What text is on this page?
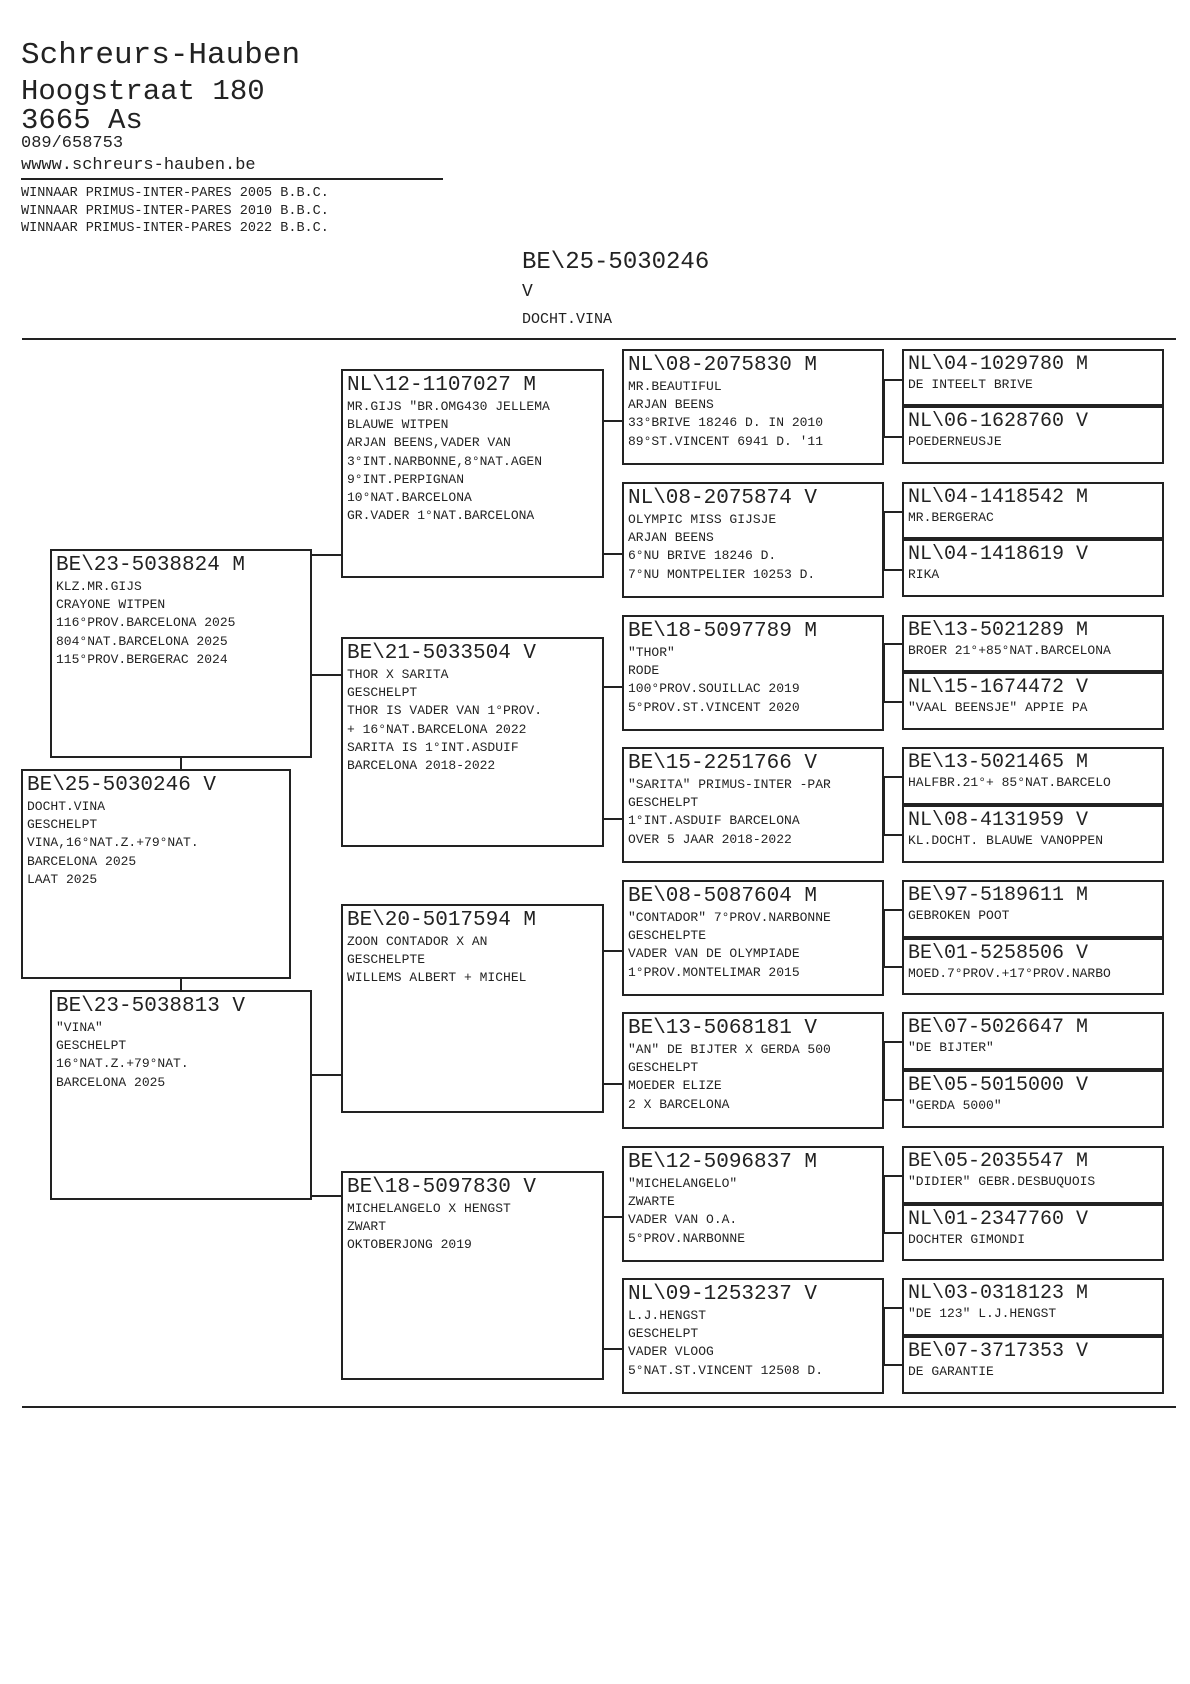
Schreurs-Hauben
Hoogstraat 180
3665 As
089/658753
wwww.schreurs-hauben.be
WINNAAR PRIMUS-INTER-PARES 2005 B.B.C.
WINNAAR PRIMUS-INTER-PARES 2010 B.B.C.
WINNAAR PRIMUS-INTER-PARES 2022 B.B.C.
BE\25-5030246
V
DOCHT.VINA
BE\23-5038824 M
KLZ.MR.GIJS
CRAYONE WITPEN
116°PROV.BARCELONA 2025
804°NAT.BARCELONA 2025
115°PROV.BERGERAC 2024
BE\25-5030246 V
DOCHT.VINA
GESCHELPT
VINA,16°NAT.Z.+79°NAT.
BARCELONA 2025
LAAT 2025
BE\23-5038813 V
"VINA"
GESCHELPT
16°NAT.Z.+79°NAT.
BARCELONA 2025
NL\12-1107027 M
MR.GIJS "BR.OMG430 JELLEMA
BLAUWE WITPEN
ARJAN BEENS,VADER VAN
3°INT.NARBONNE,8°NAT.AGEN
9°INT.PERPIGNAN
10°NAT.BARCELONA
GR.VADER 1°NAT.BARCELONA
BE\21-5033504 V
THOR X SARITA
GESCHELPT
THOR IS VADER VAN 1°PROV.
+ 16°NAT.BARCELONA 2022
SARITA IS 1°INT.ASDUIF
BARCELONA 2018-2022
BE\20-5017594 M
ZOON CONTADOR X AN
GESCHELPTE
WILLEMS ALBERT + MICHEL
BE\18-5097830 V
MICHELANGELO X HENGST
ZWART
OKTOBERJONG 2019
NL\08-2075830 M
MR.BEAUTIFUL
ARJAN BEENS
33°BRIVE 18246 D. IN 2010
89°ST.VINCENT 6941 D. '11
NL\08-2075874 V
OLYMPIC MISS GIJSJE
ARJAN BEENS
6°NU BRIVE 18246 D.
7°NU MONTPELIER 10253 D.
BE\18-5097789 M
"THOR"
RODE
100°PROV.SOUILLAC 2019
5°PROV.ST.VINCENT 2020
BE\15-2251766 V
"SARITA" PRIMUS-INTER -PAR
GESCHELPT
1°INT.ASDUIF BARCELONA
OVER 5 JAAR 2018-2022
BE\08-5087604 M
"CONTADOR" 7°PROV.NARBONNE
GESCHELPTE
VADER VAN DE OLYMPIADE
1°PROV.MONTELIMAR 2015
BE\13-5068181 V
"AN" DE BIJTER X GERDA 500
GESCHELPT
MOEDER ELIZE
2 X BARCELONA
BE\12-5096837 M
"MICHELANGELO"
ZWARTE
VADER VAN O.A.
5°PROV.NARBONNE
NL\09-1253237 V
L.J.HENGST
GESCHELPT
VADER VLOOG
5°NAT.ST.VINCENT 12508 D.
NL\04-1029780 M
DE INTEELT BRIVE
NL\06-1628760 V
POEDERNEUSJE
NL\04-1418542 M
MR.BERGERAC
NL\04-1418619 V
RIKA
BE\13-5021289 M
BROER 21°+85°NAT.BARCELONA
NL\15-1674472 V
"VAAL BEENSJE" APPIE PA
BE\13-5021465 M
HALFBR.21°+ 85°NAT.BARCELO
NL\08-4131959 V
KL.DOCHT. BLAUWE VANOPPEN
BE\97-5189611 M
GEBROKEN POOT
BE\01-5258506 V
MOED.7°PROV.+17°PROV.NARBO
BE\07-5026647 M
"DE BIJTER"
BE\05-5015000 V
"GERDA 5000"
BE\05-2035547 M
"DIDIER" GEBR.DESBUQUOIS
NL\01-2347760 V
DOCHTER GIMONDI
NL\03-0318123 M
"DE 123" L.J.HENGST
BE\07-3717353 V
DE GARANTIE
